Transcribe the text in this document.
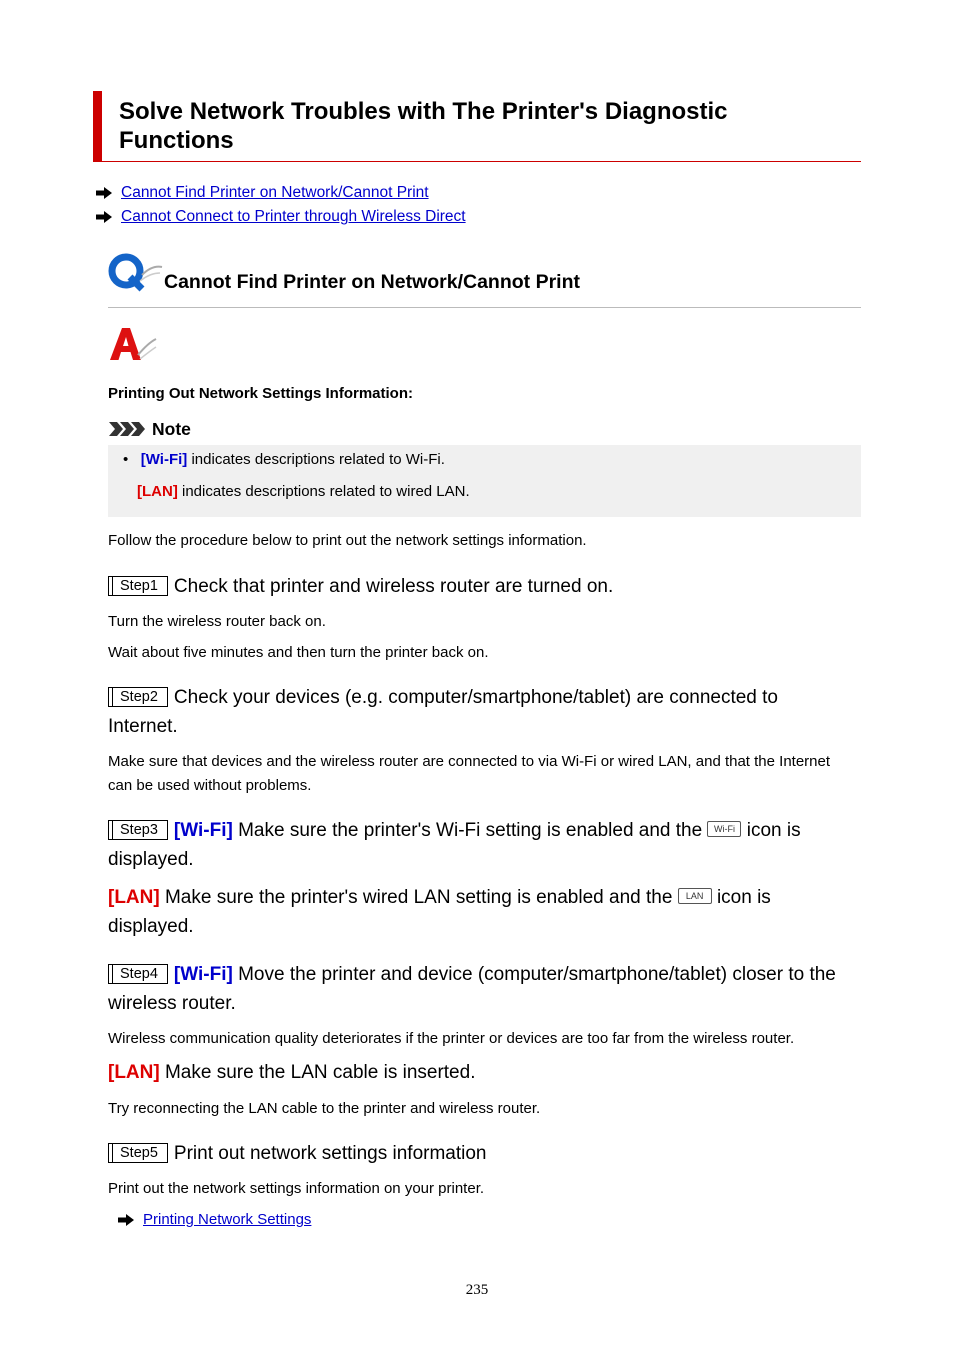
Solve Network Troubles with The Printer's Diagnostic Functions
Cannot Find Printer on Network/Cannot Print
Cannot Connect to Printer through Wireless Direct
Cannot Find Printer on Network/Cannot Print
Printing Out Network Settings Information:
Note
• [Wi-Fi] indicates descriptions related to Wi-Fi.
[LAN] indicates descriptions related to wired LAN.
Follow the procedure below to print out the network settings information.
Step1 Check that printer and wireless router are turned on.
Turn the wireless router back on.
Wait about five minutes and then turn the printer back on.
Step2 Check your devices (e.g. computer/smartphone/tablet) are connected to Internet.
Make sure that devices and the wireless router are connected to via Wi-Fi or wired LAN, and that the Internet can be used without problems.
Step3 [Wi-Fi] Make sure the printer's Wi-Fi setting is enabled and the Wi-Fi icon is displayed.
[LAN] Make sure the printer's wired LAN setting is enabled and the LAN icon is displayed.
Step4 [Wi-Fi] Move the printer and device (computer/smartphone/tablet) closer to the wireless router.
Wireless communication quality deteriorates if the printer or devices are too far from the wireless router.
[LAN] Make sure the LAN cable is inserted.
Try reconnecting the LAN cable to the printer and wireless router.
Step5 Print out network settings information
Print out the network settings information on your printer.
Printing Network Settings
235
